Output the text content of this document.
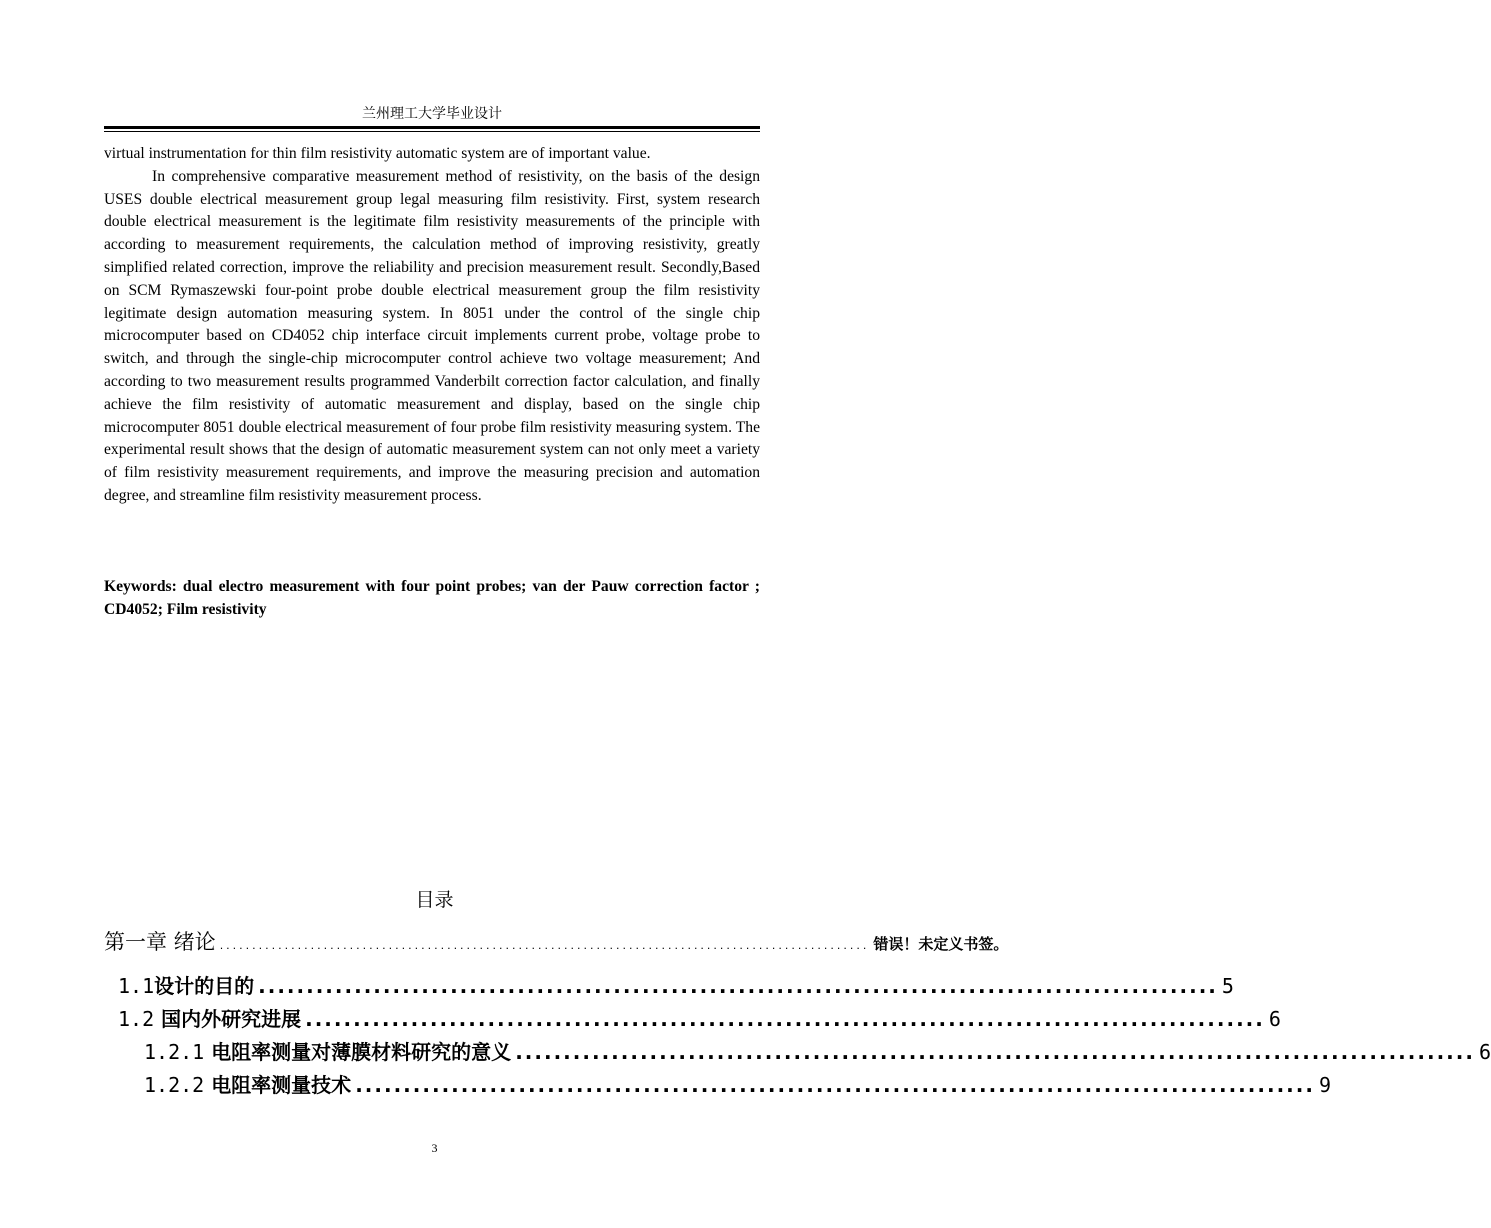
兰州理工大学毕业设计

virtual instrumentation for thin film resistivity automatic system are of important value.

In comprehensive comparative measurement method of resistivity, on the basis of the design USES double electrical measurement group legal measuring film resistivity. First, system research double electrical measurement is the legitimate film resistivity measurements of the principle with according to measurement requirements, the calculation method of improving resistivity, greatly simplified related correction, improve the reliability and precision measurement result. Secondly,Based on SCM Rymaszewski four-point probe double electrical measurement group the film resistivity legitimate design automation measuring system. In 8051 under the control of the single chip microcomputer based on CD4052 chip interface circuit implements current probe, voltage probe to switch, and through the single-chip microcomputer control achieve two voltage measurement; And according to two measurement results programmed Vanderbilt correction factor calculation, and finally achieve the film resistivity of automatic measurement and display, based on the single chip microcomputer 8051 double electrical measurement of four probe film resistivity measuring system. The experimental result shows that the design of automatic measurement system can not only meet a variety of film resistivity measurement requirements, and improve the measuring precision and automation degree, and streamline film resistivity measurement process.

Keywords: dual electro measurement with four point probes; van der Pauw correction factor ; CD4052; Film resistivity
目录
第一章 绪论 .................................................................................................... 错误！未定义书签。
1.1设计的目的 .................................................................................................... 5
1.2 国内外研究进展 .................................................................................................... 6
1.2.1 电阻率测量对薄膜材料研究的意义 .................................................................................................... 6
1.2.2 电阻率测量技术 .................................................................................................... 9
3
